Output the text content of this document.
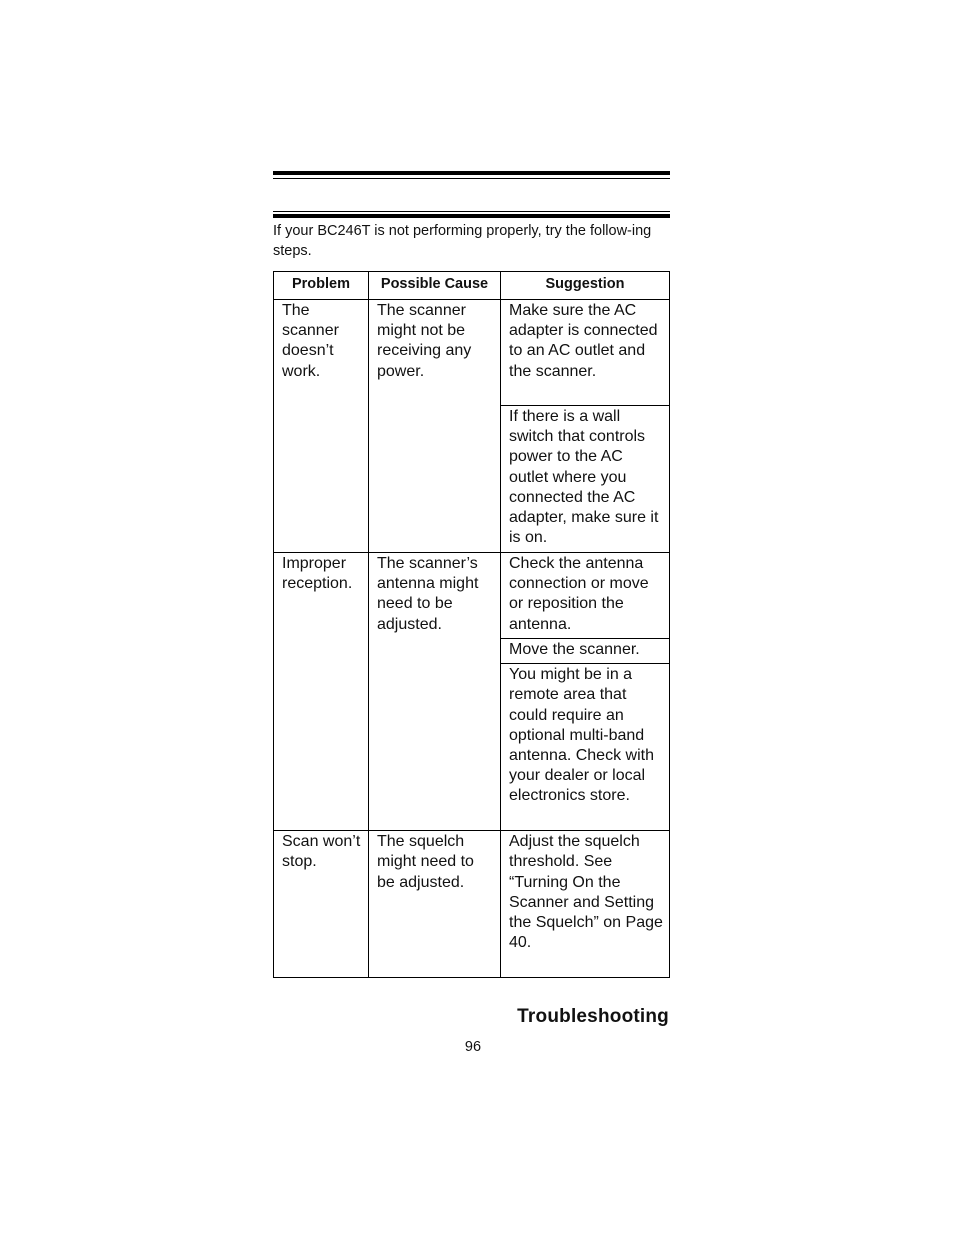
If your BC246T is not performing properly, try the follow-ing steps.

Problem	Possible Cause	Suggestion
The scanner doesn’t work.	The scanner might not be receiving any power.	Make sure the AC adapter is connected to an AC outlet and the scanner.
		If there is a wall switch that controls power to the AC outlet where you connected the AC adapter, make sure it is on.
Improper reception.	The scanner’s antenna might need to be adjusted.	Check the antenna connection or move or reposition the antenna.
		Move the scanner.
		You might be in a remote area that could require an optional multi-band antenna. Check with your dealer or local electronics store.
Scan won’t stop.	The squelch might need to be adjusted.	Adjust the squelch threshold. See “Turning On the Scanner and Setting the Squelch” on Page 40.
Troubleshooting
96
